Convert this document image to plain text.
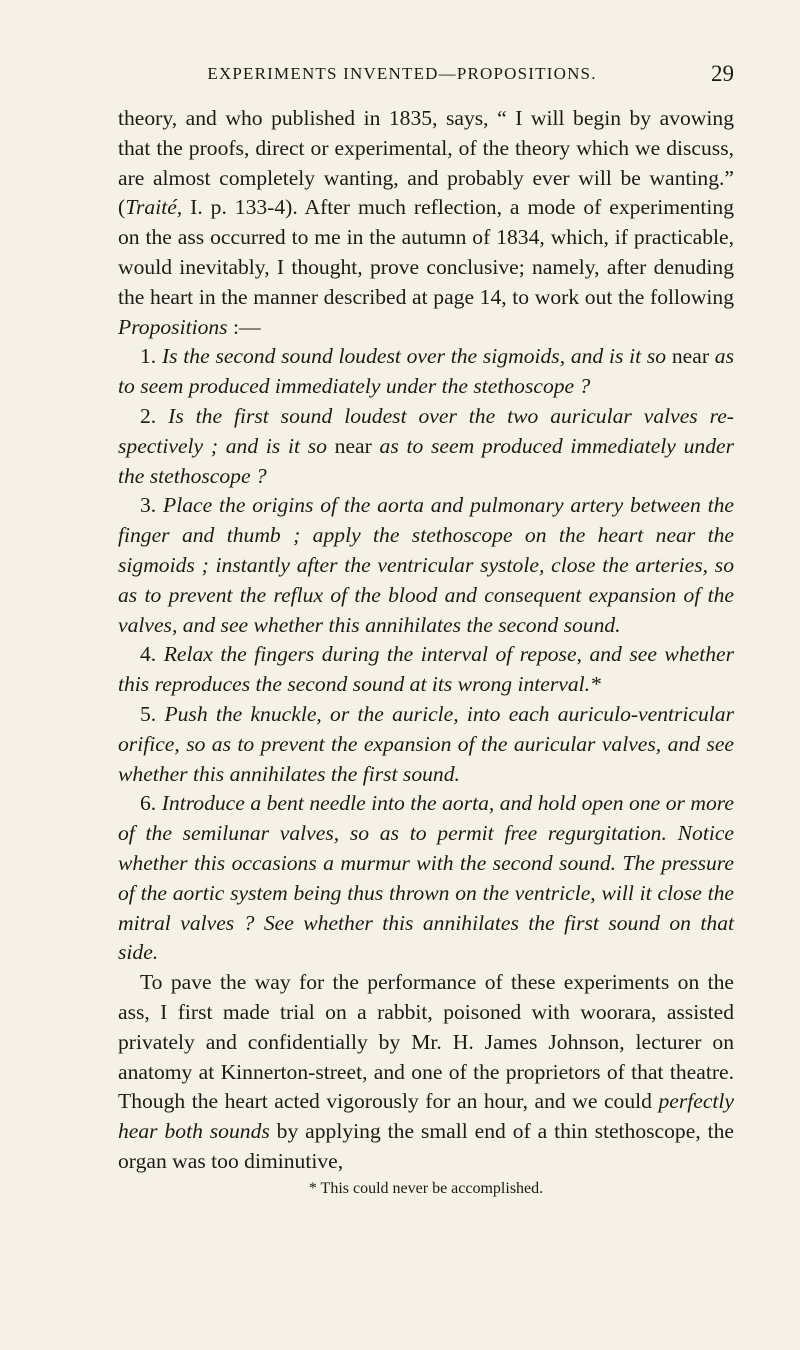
EXPERIMENTS INVENTED—PROPOSITIONS.	29

theory, and who published in 1835, says, “ I will begin by avowing that the proofs, direct or experimental, of the theory which we discuss, are almost completely wanting, and probably ever will be wanting.” (Traité, I. p. 133-4). After much reflection, a mode of experimenting on the ass occurred to me in the autumn of 1834, which, if practicable, would inevitably, I thought, prove conclusive; namely, after denuding the heart in the manner described at page 14, to work out the following Propositions :—

1. Is the second sound loudest over the sigmoids, and is it so near as to seem produced immediately under the stethoscope ?

2. Is the first sound loudest over the two auricular valves respectively ; and is it so near as to seem produced immediately under the stethoscope ?

3. Place the origins of the aorta and pulmonary artery between the finger and thumb ; apply the stethoscope on the heart near the sigmoids ; instantly after the ventricular systole, close the arteries, so as to prevent the reflux of the blood and consequent expansion of the valves, and see whether this annihilates the second sound.

4. Relax the fingers during the interval of repose, and see whether this reproduces the second sound at its wrong interval.*

5. Push the knuckle, or the auricle, into each auriculo-ventricular orifice, so as to prevent the expansion of the auricular valves, and see whether this annihilates the first sound.

6. Introduce a bent needle into the aorta, and hold open one or more of the semilunar valves, so as to permit free regurgitation. Notice whether this occasions a murmur with the second sound. The pressure of the aortic system being thus thrown on the ventricle, will it close the mitral valves ? See whether this annihilates the first sound on that side.

To pave the way for the performance of these experiments on the ass, I first made trial on a rabbit, poisoned with woorara, assisted privately and confidentially by Mr. H. James Johnson, lecturer on anatomy at Kinnerton-street, and one of the proprietors of that theatre. Though the heart acted vigorously for an hour, and we could perfectly hear both sounds by applying the small end of a thin stethoscope, the organ was too diminutive,

* This could never be accomplished.
